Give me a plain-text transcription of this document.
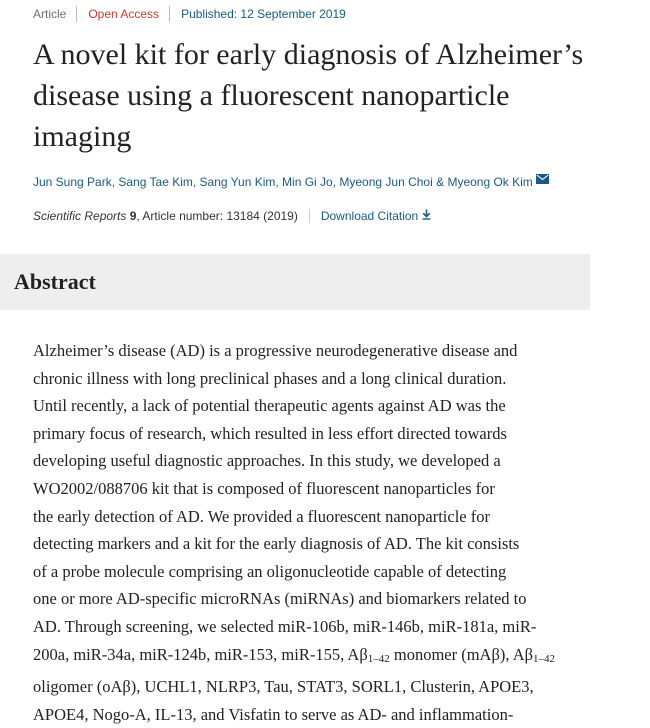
Article Open Access Published: 12 September 2019
A novel kit for early diagnosis of Alzheimer’s disease using a fluorescent nanoparticle imaging
Jun Sung Park, Sang Tae Kim, Sang Yun Kim, Min Gi Jo, Myeong Jun Choi & Myeong Ok Kim
Scientific Reports
9 , Article number: 13184 (2019) Download Citation
Abstract
Alzheimer’s disease (AD) is a progressive neurodegenerative disease and
chronic illness with long preclinical phases and a long clinical duration.
Until recently, a lack of potential therapeutic agents against AD was the
primary focus of research, which resulted in less effort directed towards
developing useful diagnostic approaches. In this study, we developed a
WO2002/088706 kit that is composed of fluorescent nanoparticles for
the early detection of AD. We provided a fluorescent nanoparticle for
detecting markers and a kit for the early diagnosis of AD. The kit consists
of a probe molecule comprising an oligonucleotide capable of detecting
one or more AD-specific microRNAs (miRNAs) and biomarkers related to
AD. Through screening, we selected miR-106b, miR-146b, miR-181a, miR-
200a, miR-34a, miR-124b, miR-153, miR-155, Aβ1–42 monomer (mAβ), Aβ1–42
oligomer (oAβ), UCHL1, NLRP3, Tau, STAT3, SORL1, Clusterin, APOE3,
APOE4, Nogo-A, IL-13, and Visfatin to serve as AD- and inflammation-
